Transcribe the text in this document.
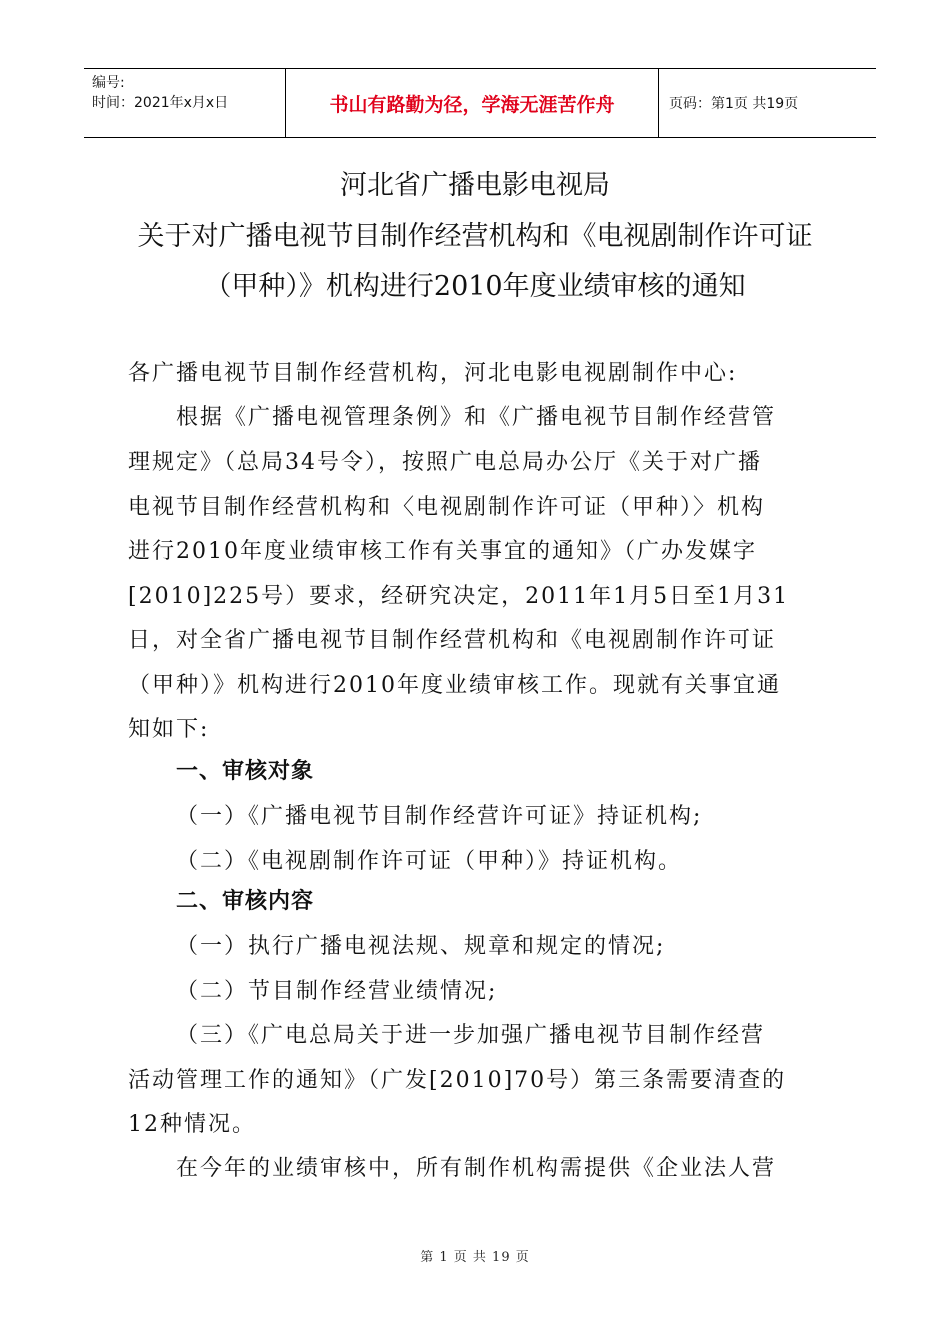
编号:
时间：2021年x月x日	书山有路勤为径，学海无涯苦作舟	页码：第1页 共19页
河北省广播电影电视局
关于对广播电视节目制作经营机构和《电视剧制作许可证
（甲种）》机构进行2010年度业绩审核的通知
各广播电视节目制作经营机构，河北电影电视剧制作中心:
　　根据《广播电视管理条例》和《广播电视节目制作经营管
理规定》（总局34号令），按照广电总局办公厅《关于对广播
电视节目制作经营机构和〈电视剧制作许可证（甲种）〉机构
进行2010年度业绩审核工作有关事宜的通知》（广办发媒字
[2010]225号）要求，经研究决定，2011年1月5日至1月31
日，对全省广播电视节目制作经营机构和《电视剧制作许可证
（甲种）》机构进行2010年度业绩审核工作。现就有关事宜通
知如下:
一、审核对象
（一）《广播电视节目制作经营许可证》持证机构;
（二）《电视剧制作许可证（甲种）》持证机构。
二、审核内容
（一）执行广播电视法规、规章和规定的情况;
（二）节目制作经营业绩情况;
（三）《广电总局关于进一步加强广播电视节目制作经营
活动管理工作的通知》（广发[2010]70号）第三条需要清查的
12种情况。
在今年的业绩审核中，所有制作机构需提供《企业法人营
第 1 页 共 19 页
